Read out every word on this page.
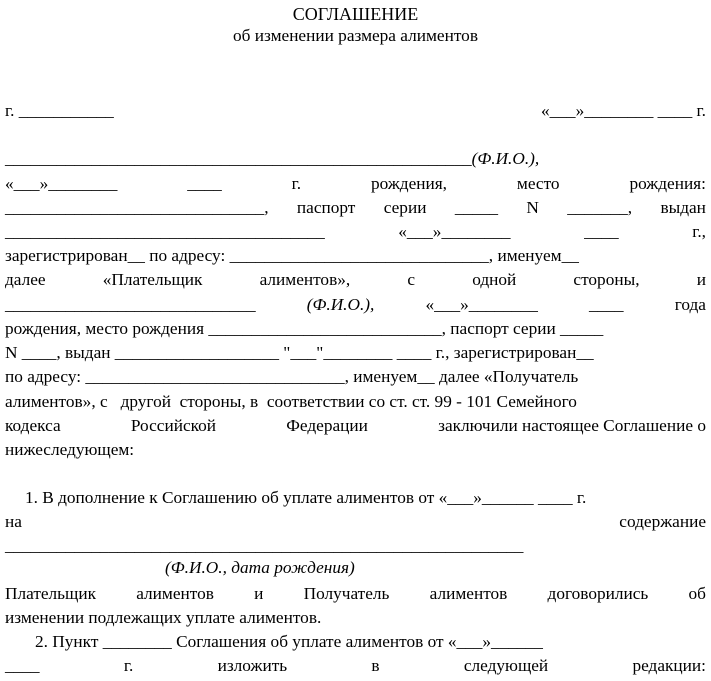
СОГЛАШЕНИЕ
об изменении размера алиментов
г. ___________	«___»________ ____ г.
______________________________________________________ (Ф.И.О.),
«___»________	____	г.	рождения,	место	рождения:
______________________________, паспорт серии _____ N _______, выдан
_____________________________________	«___»________	____	г.,
зарегистрирован__ по адресу: ______________________________, именуем__
далее	«Плательщик	алиментов»,	с	одной	стороны,	и
_____________________________	(Ф.И.О.),	«___»________	____	года
рождения, место рождения ___________________________, паспорт серии _____
N ____, выдан ___________________ "___"________ ____ г., зарегистрирован__
по адресу: ______________________________, именуем__ далее «Получатель
алиментов», с   другой  стороны, в  соответствии со ст. ст. 99 - 101 Семейного
кодекса	Российской	Федерации	заключили настоящее Соглашение о
нижеследующем:
1. В дополнение к Соглашению об уплате алиментов от «___»______ ____ г.
на	содержание
____________________________________________________________
(Ф.И.О., дата рождения)
Плательщик алиментов и Получатель алиментов договорились об
изменении подлежащих уплате алиментов.
2. Пункт ________ Соглашения об уплате алиментов от «___»______
____	г.	изложить	в	следующей	редакции:
